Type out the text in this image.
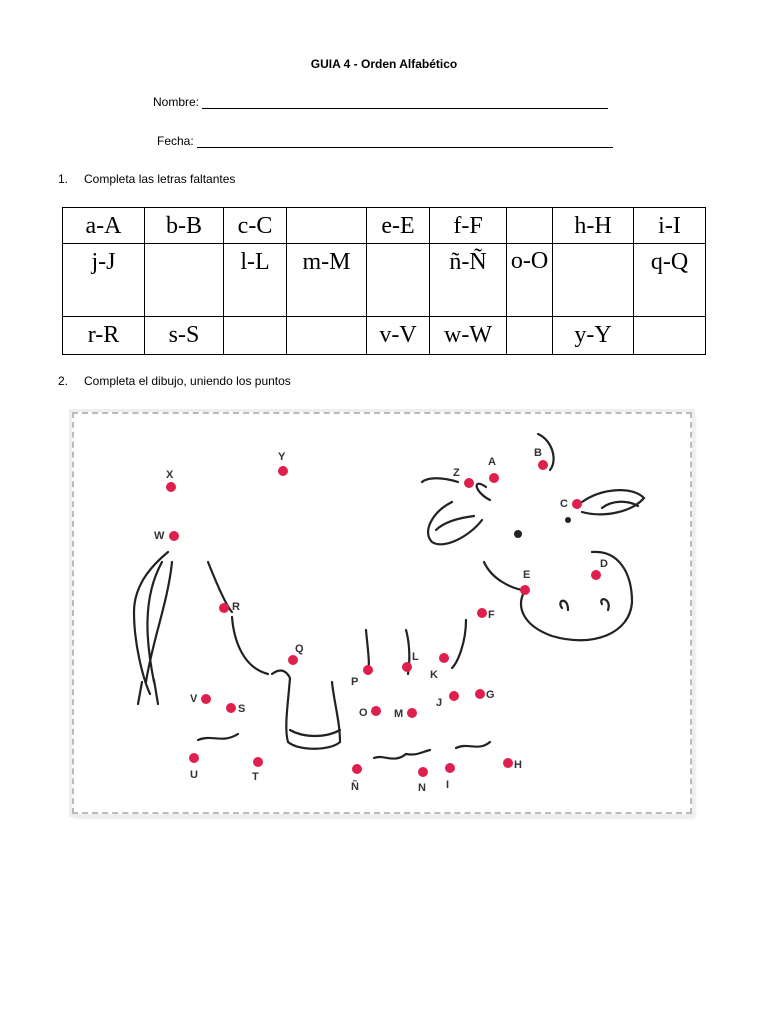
GUIA 4 - Orden Alfabético
Nombre:
Fecha:
1. Completa las letras faltantes
a-A	b-B	c-C		e-E	f-F		h-H	i-I
j-J		l-L	m-M		ñ-Ñ	o-O		q-Q
r-R	s-S			v-V	w-W		y-Y	
2. Completa el dibujo, uniendo los puntos
A
B
C
D
E
F
G
H
I
J
K
L
M
N
Ñ
O
P
Q
R
S
T
U
V
W
X
Y
Z
